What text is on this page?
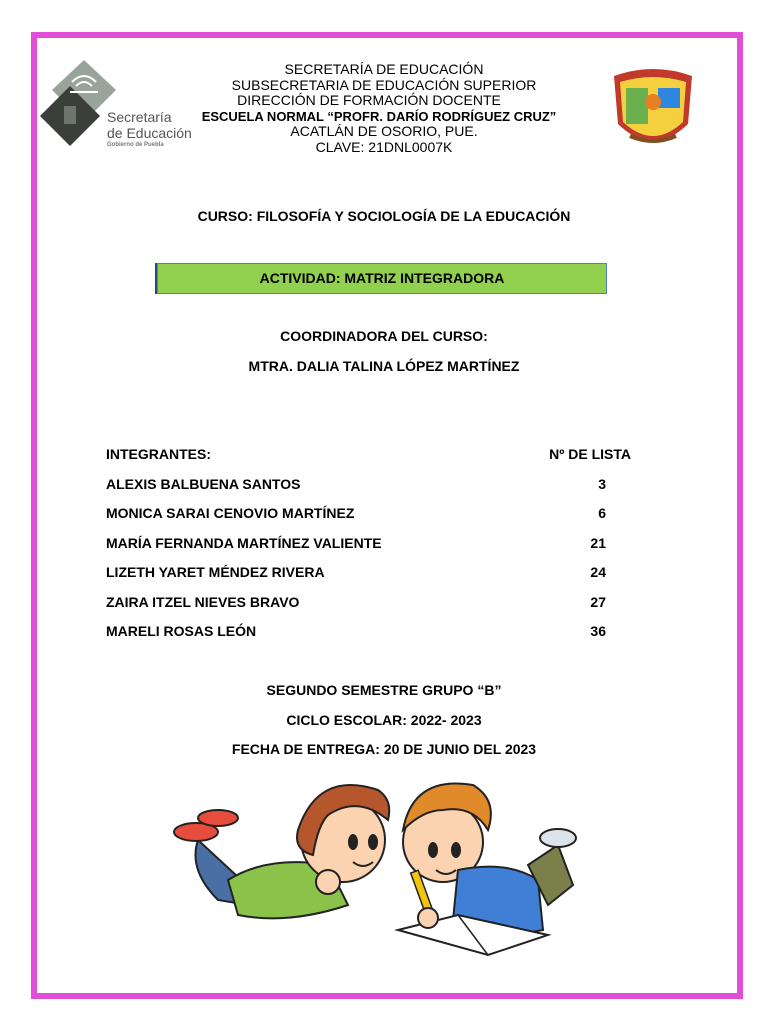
Secretaría
de Educación
Gobierno de Puebla
SECRETARÍA DE EDUCACIÓN
SUBSECRETARIA DE EDUCACIÓN SUPERIOR
DIRECCIÓN DE FORMACIÓN DOCENTE
ESCUELA NORMAL “PROFR. DARÍO RODRÍGUEZ CRUZ”
ACATLÁN DE OSORIO, PUE.
CLAVE: 21DNL0007K
CURSO: FILOSOFÍA Y SOCIOLOGÍA DE LA EDUCACIÓN
ACTIVIDAD: MATRIZ INTEGRADORA
COORDINADORA DEL CURSO:
MTRA. DALIA TALINA LÓPEZ MARTÍNEZ
INTEGRANTES:	Nº DE LISTA
ALEXIS BALBUENA SANTOS	3
MONICA SARAI CENOVIO MARTÍNEZ	6
MARÍA FERNANDA MARTÍNEZ VALIENTE	21
LIZETH YARET MÉNDEZ RIVERA	24
ZAIRA ITZEL NIEVES BRAVO	27
MARELI ROSAS LEÓN	36
SEGUNDO SEMESTRE GRUPO “B”
CICLO ESCOLAR: 2022- 2023
FECHA DE ENTREGA: 20 DE JUNIO DEL 2023
